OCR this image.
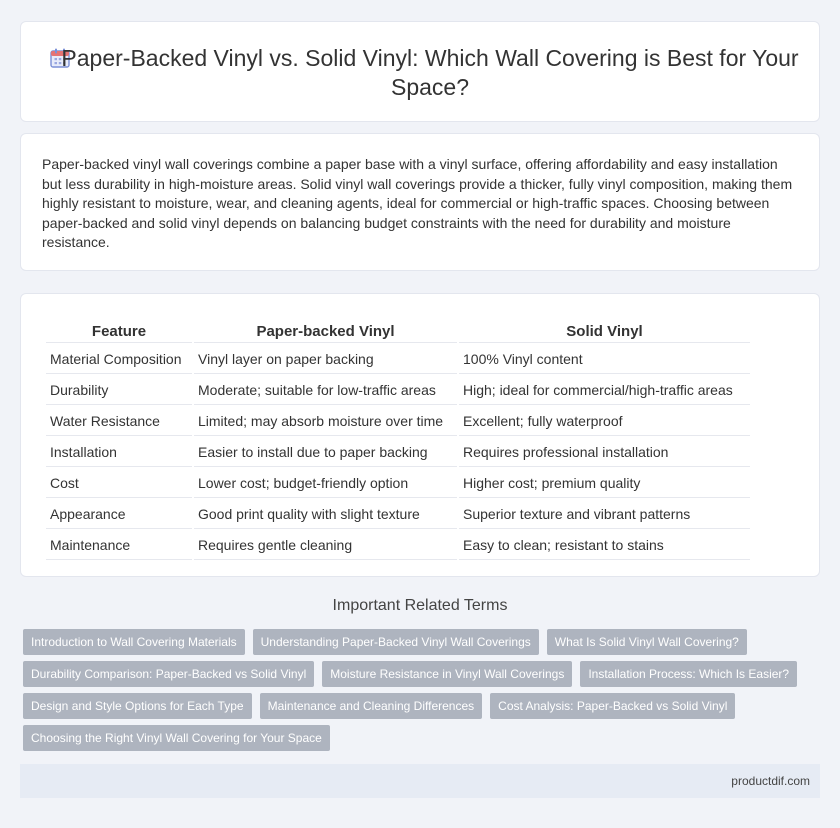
Paper-Backed Vinyl vs. Solid Vinyl: Which Wall Covering is Best for Your Space?

Paper-backed vinyl wall coverings combine a paper base with a vinyl surface, offering affordability and easy installation but less durability in high-moisture areas. Solid vinyl wall coverings provide a thicker, fully vinyl composition, making them highly resistant to moisture, wear, and cleaning agents, ideal for commercial or high-traffic spaces. Choosing between paper-backed and solid vinyl depends on balancing budget constraints with the need for durability and moisture resistance.

Feature	Paper-backed Vinyl	Solid Vinyl
Material Composition	Vinyl layer on paper backing	100% Vinyl content
Durability	Moderate; suitable for low-traffic areas	High; ideal for commercial/high-traffic areas
Water Resistance	Limited; may absorb moisture over time	Excellent; fully waterproof
Installation	Easier to install due to paper backing	Requires professional installation
Cost	Lower cost; budget-friendly option	Higher cost; premium quality
Appearance	Good print quality with slight texture	Superior texture and vibrant patterns
Maintenance	Requires gentle cleaning	Easy to clean; resistant to stains
Important Related Terms
Introduction to Wall Covering Materials	Understanding Paper-Backed Vinyl Wall Coverings	What Is Solid Vinyl Wall Covering?
Durability Comparison: Paper-Backed vs Solid Vinyl	Moisture Resistance in Vinyl Wall Coverings	Installation Process: Which Is Easier?
Design and Style Options for Each Type	Maintenance and Cleaning Differences	Cost Analysis: Paper-Backed vs Solid Vinyl
Choosing the Right Vinyl Wall Covering for Your Space
productdif.com
